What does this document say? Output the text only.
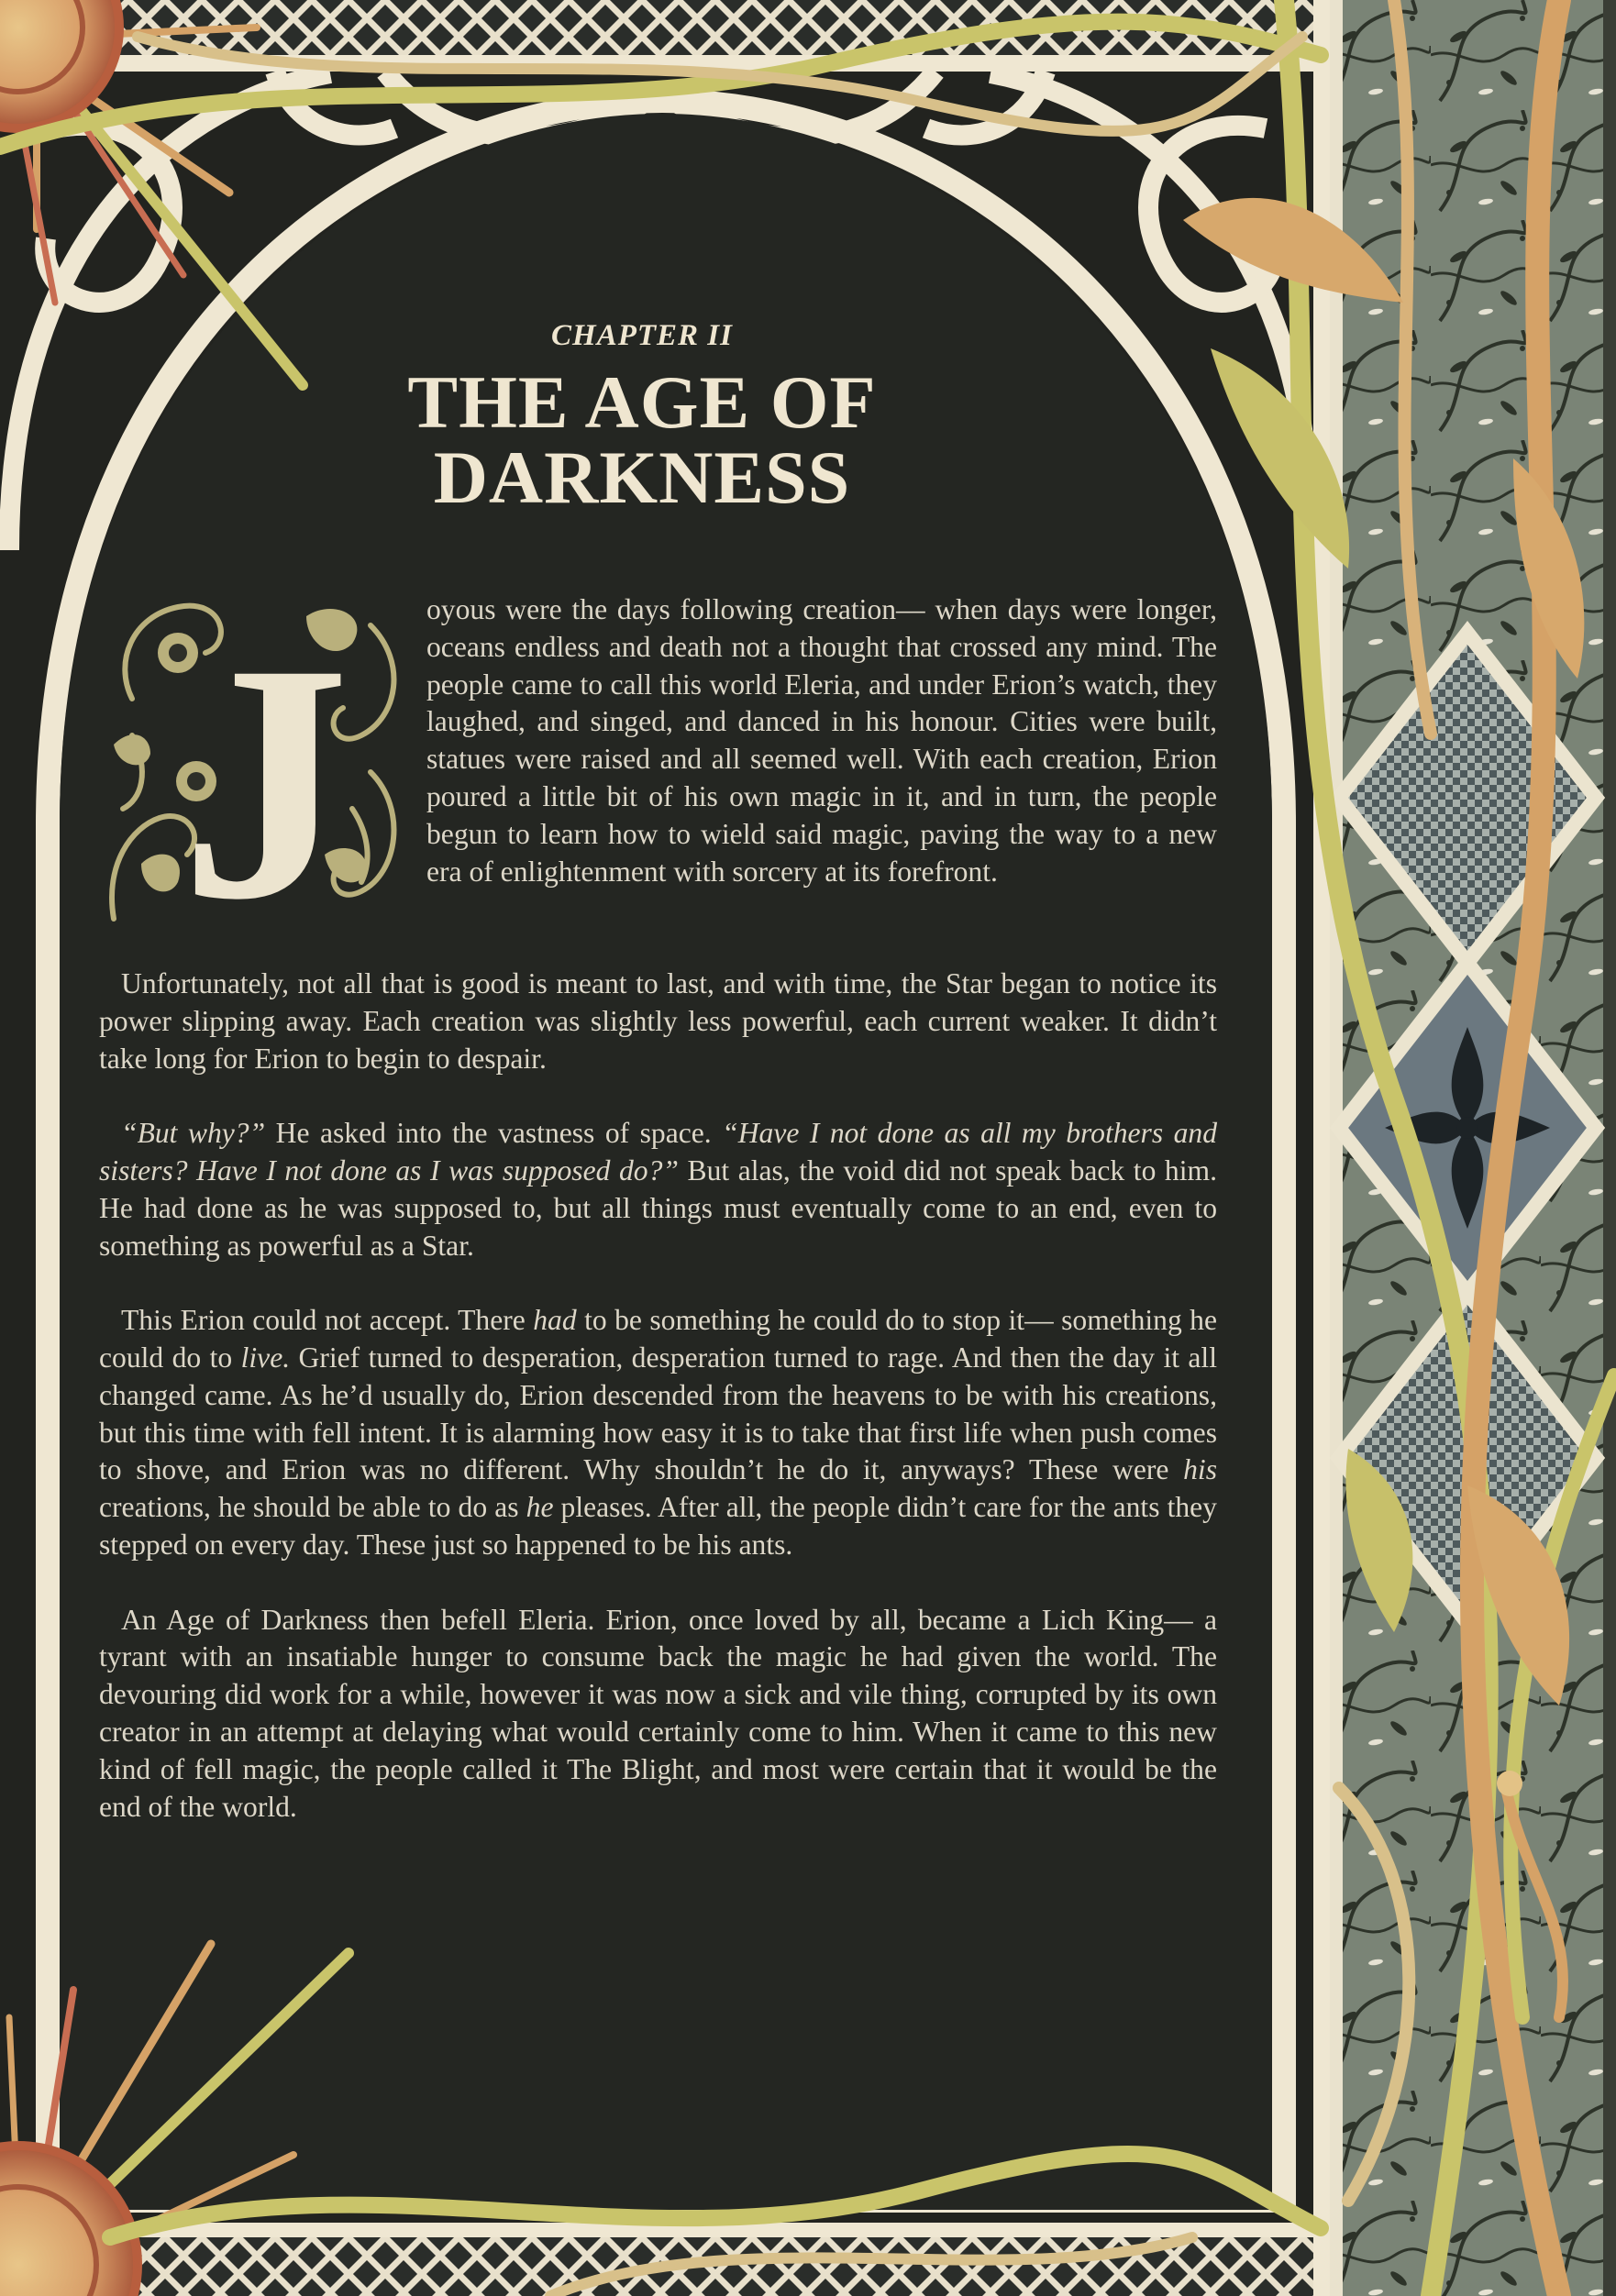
CHAPTER II
THE AGE OF
DARKNESS
J	oyous were the days following creation— when days were longer, oceans endless and death not a thought that crossed any mind. The people came to call this world Eleria, and under Erion’s watch, they laughed, and singed, and danced in his honour. Cities were built, statues were raised and all seemed well. With each creation, Erion poured a little bit of his own magic in it, and in turn, the people begun to learn how to wield said magic, paving the way to a new era of enlightenment with sorcery at its forefront.

Unfortunately, not all that is good is meant to last, and with time, the Star began to notice its power slipping away. Each creation was slightly less powerful, each current weaker. It didn’t take long for Erion to begin to despair.

“But why?” He asked into the vastness of space. “Have I not done as all my brothers and sisters? Have I not done as I was supposed do?” But alas, the void did not speak back to him. He had done as he was supposed to, but all things must eventually come to an end, even to something as powerful as a Star.

This Erion could not accept. There had to be something he could do to stop it— something he could do to live. Grief turned to desperation, desperation turned to rage. And then the day it all changed came. As he’d usually do, Erion descended from the heavens to be with his creations, but this time with fell intent. It is alarming how easy it is to take that first life when push comes to shove, and Erion was no different. Why shouldn’t he do it, anyways? These were his creations, he should be able to do as he pleases. After all, the people didn’t care for the ants they stepped on every day. These just so happened to be his ants.

An Age of Darkness then befell Eleria. Erion, once loved by all, became a Lich King— a tyrant with an insatiable hunger to consume back the magic he had given the world. The devouring did work for a while, however it was now a sick and vile thing, corrupted by its own creator in an attempt at delaying what would certainly come to him. When it came to this new kind of fell magic, the people called it The Blight, and most were certain that it would be the end of the world.
